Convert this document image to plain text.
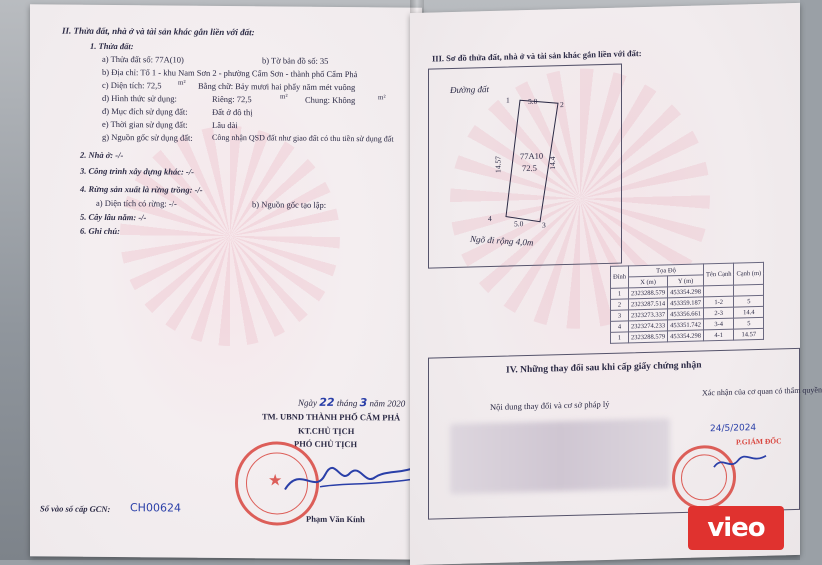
II. Thửa đất, nhà ở và tài sản khác gắn liền với đất:
1. Thửa đất:
a) Thửa đất số: 77A(10)	b) Tờ bản đồ số: 35
b) Địa chỉ: Tổ 1 - khu Nam Sơn 2 - phường Cẩm Sơn - thành phố Cẩm Phả
c) Diện tích: 72,5 m² Bằng chữ: Bảy mươi hai phẩy năm mét vuông
d) Hình thức sử dụng:	Riêng: 72,5	m² Chung: Không	m²
đ) Mục đích sử dụng đất:	Đất ở đô thị
e) Thời gian sử dụng đất:	Lâu dài
g) Nguồn gốc sử dụng đất: Công nhận QSD đất như giao đất có thu tiền sử dụng đất
2. Nhà ở: -/-
3. Công trình xây dựng khác: -/-
4. Rừng sản xuất là rừng trồng: -/-
a) Diện tích có rừng: -/-	b) Nguồn gốc tạo lập:
5. Cây lâu năm: -/-
6. Ghi chú:
Ngày 22 tháng 3 năm 2020
TM. UBND THÀNH PHỐ CẨM PHẢ
KT.CHỦ TỊCH
PHÓ CHỦ TỊCH
★
Phạm Văn Kính
Số vào sổ cấp GCN: CH00624
III. Sơ đồ thửa đất, nhà ở và tài sản khác gắn liền với đất:
Đường đất
1
2
3
4
5.0
5.0
14.57	14.4
77A10
72.5
Ngõ đi rộng 4,0m
Đỉnh	Tọa Độ		Tên Cạnh	Cạnh (m)
	X (m)	Y (m)		
1	2323288.579	453354.298		
2	2323287.514	453359.187	1-2	5
3	2323273.337	453356.661	2-3	14.4
4	2323274.233	453351.742	3-4	5
1	2323288.579	453354.298	4-1	14.57
IV. Những thay đổi sau khi cấp giấy chứng nhận
Nội dung thay đổi và cơ sở pháp lý
Xác nhận của cơ quan có thẩm quyền
24/5/2024
P.GIÁM ĐỐC
vieo
